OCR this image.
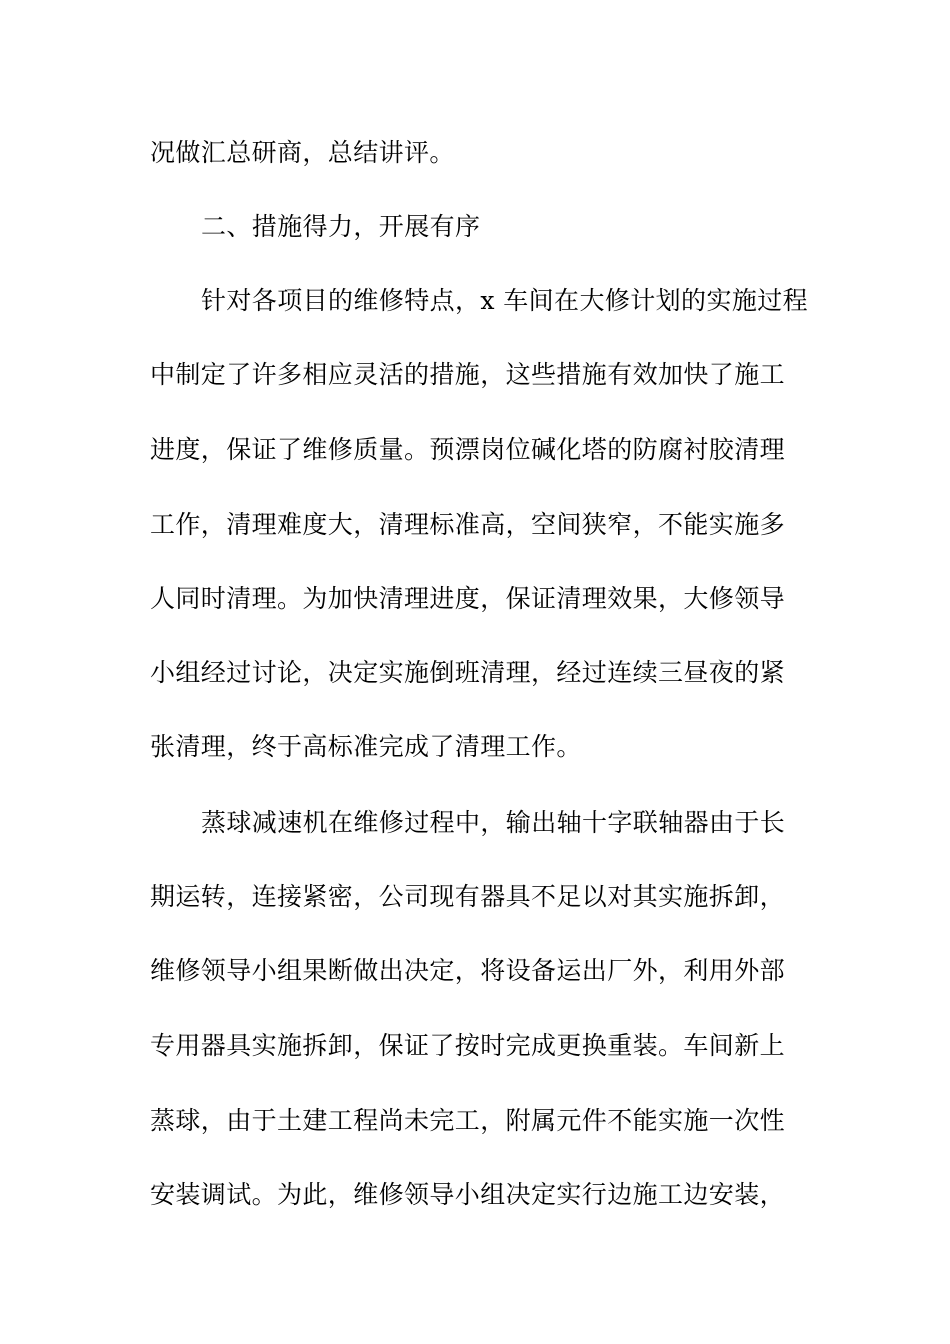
况做汇总研商，总结讲评。
二、措施得力，开展有序
针对各项目的维修特点，x 车间在大修计划的实施过程
中制定了许多相应灵活的措施，这些措施有效加快了施工
进度，保证了维修质量。预漂岗位碱化塔的防腐衬胶清理
工作，清理难度大，清理标准高，空间狭窄，不能实施多
人同时清理。为加快清理进度，保证清理效果，大修领导
小组经过讨论，决定实施倒班清理，经过连续三昼夜的紧
张清理，终于高标准完成了清理工作。
蒸球减速机在维修过程中，输出轴十字联轴器由于长
期运转，连接紧密，公司现有器具不足以对其实施拆卸，
维修领导小组果断做出决定，将设备运出厂外，利用外部
专用器具实施拆卸，保证了按时完成更换重装。车间新上
蒸球，由于土建工程尚未完工，附属元件不能实施一次性
安装调试。为此，维修领导小组决定实行边施工边安装，
